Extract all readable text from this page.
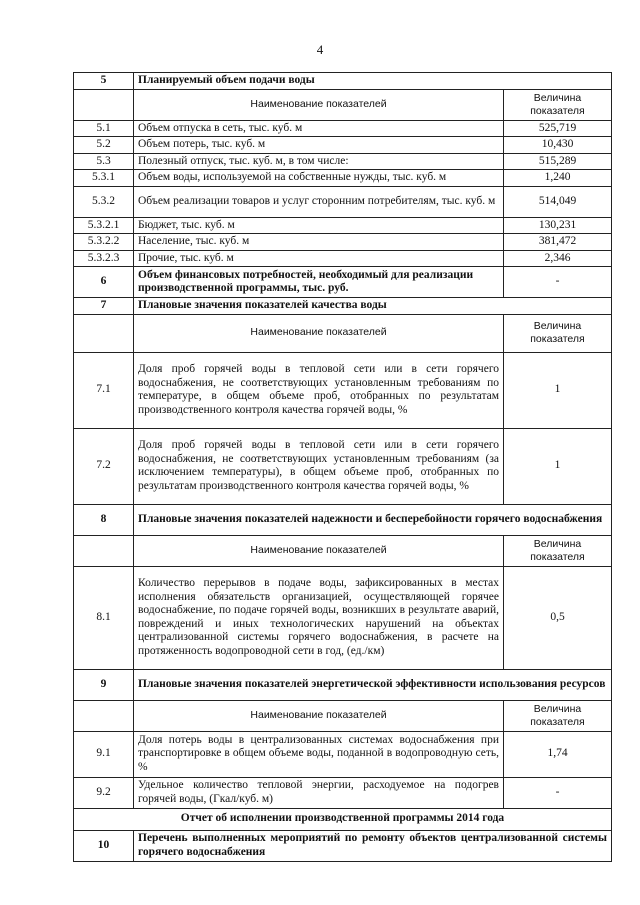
4
5	Планируемый объем подачи воды	
	Наименование показателей	Величина показателя
5.1	Объем отпуска в сеть, тыс. куб. м	525,719
5.2	Объем потерь, тыс. куб. м	10,430
5.3	Полезный отпуск, тыс. куб. м, в том числе:	515,289
5.3.1	Объем воды, используемой на собственные нужды, тыс. куб. м	1,240
5.3.2	Объем реализации товаров и услуг сторонним потребителям, тыс. куб. м	514,049
5.3.2.1	Бюджет, тыс. куб. м	130,231
5.3.2.2	Население, тыс. куб. м	381,472
5.3.2.3	Прочие, тыс. куб. м	2,346
6	Объем финансовых потребностей, необходимый для реализации производственной программы, тыс. руб.	-
7	Плановые значения показателей качества воды	
	Наименование показателей	Величина показателя
7.1	Доля проб горячей воды в тепловой сети или в сети горячего водоснабжения, не соответствующих установленным требованиям по температуре, в общем объеме проб, отобранных по результатам производственного контроля качества горячей воды, %	1
7.2	Доля проб горячей воды в тепловой сети или в сети горячего водоснабжения, не соответствующих установленным требованиям (за исключением температуры), в общем объеме проб, отобранных по результатам производственного контроля качества горячей воды, %	1
8	Плановые значения показателей надежности и бесперебойности горячего водоснабжения	
	Наименование показателей	Величина показателя
8.1	Количество перерывов в подаче воды, зафиксированных в местах исполнения обязательств организацией, осуществляющей горячее водоснабжение, по подаче горячей воды, возникших в результате аварий, повреждений и иных технологических нарушений на объектах централизованной системы горячего водоснабжения, в расчете на протяженность водопроводной сети в год, (ед./км)	0,5
9	Плановые значения показателей энергетической эффективности использования ресурсов	
	Наименование показателей	Величина показателя
9.1	Доля потерь воды в централизованных системах водоснабжения при транспортировке в общем объеме воды, поданной в водопроводную сеть, %	1,74
9.2	Удельное количество тепловой энергии, расходуемое на подогрев горячей воды, (Гкал/куб. м)	-
Отчет об исполнении производственной программы 2014 года		
10	Перечень выполненных мероприятий по ремонту объектов централизованной системы горячего водоснабжения	
